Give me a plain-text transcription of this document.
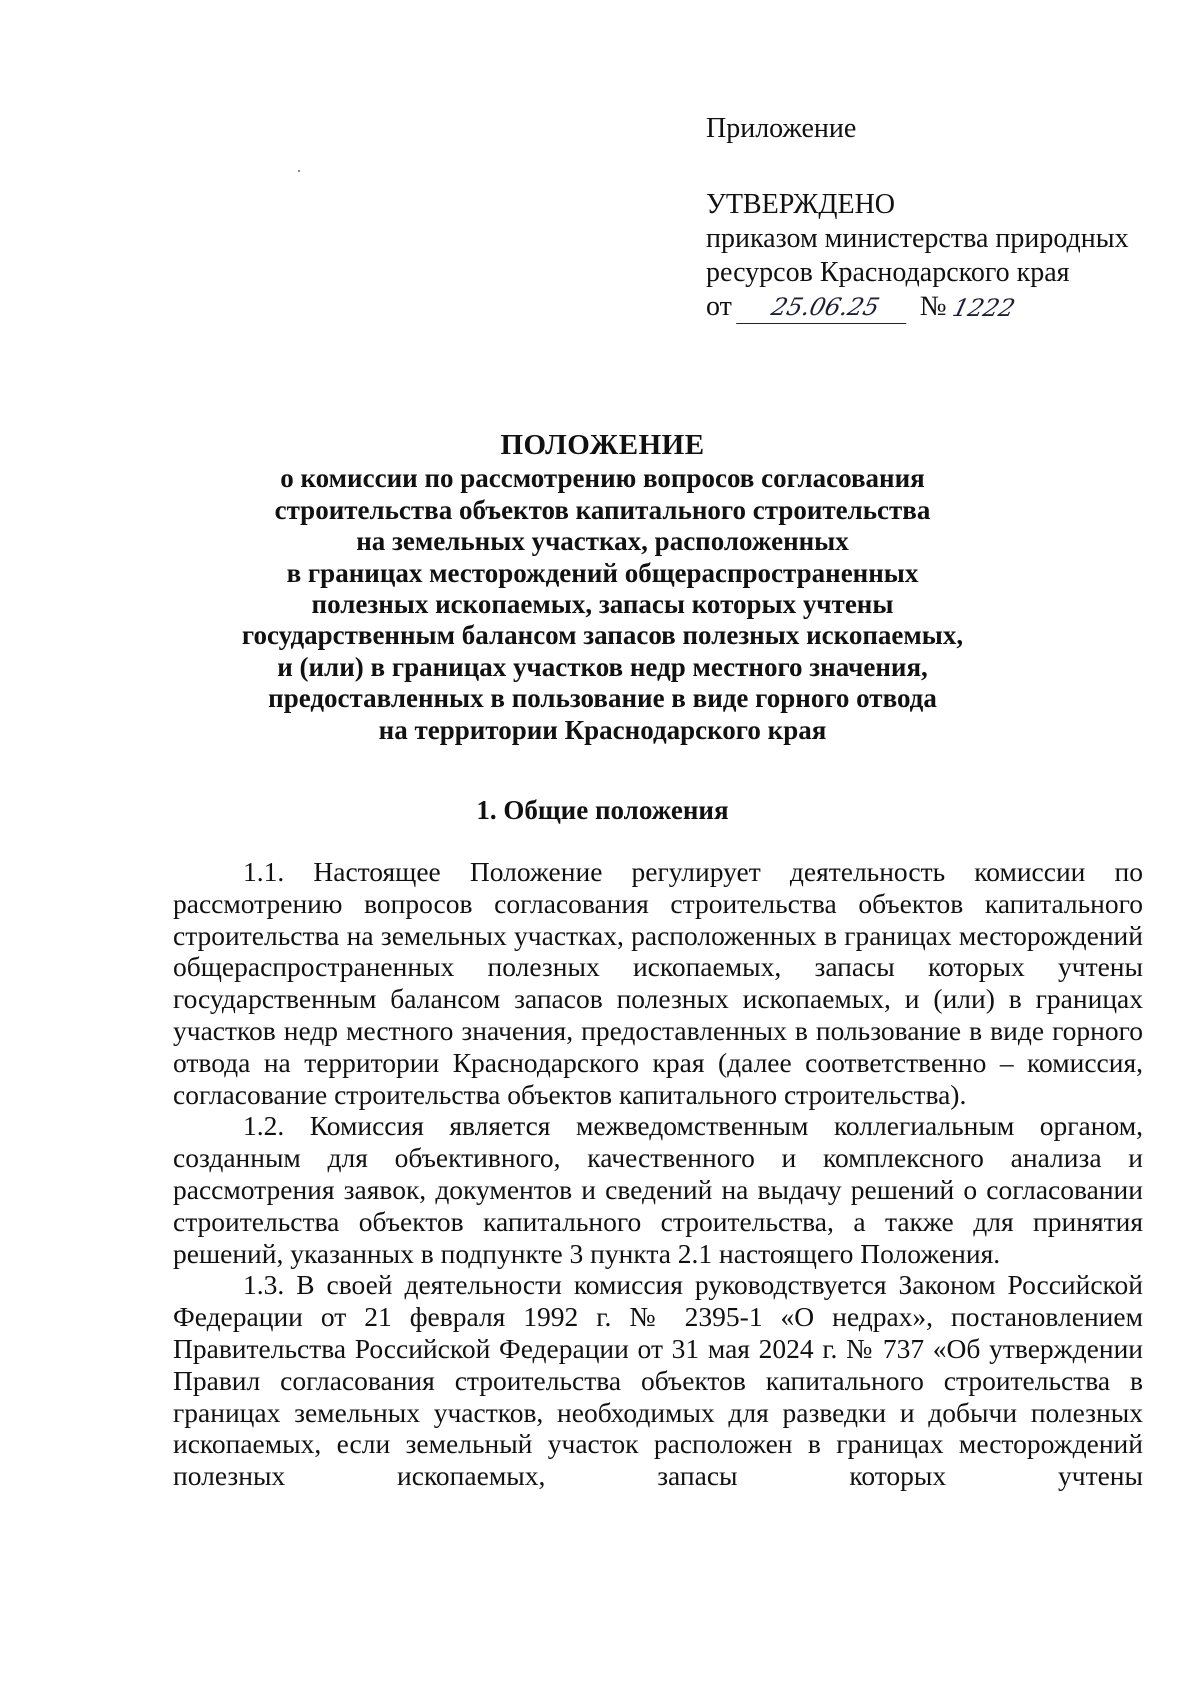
Приложение

УТВЕРЖДЕНО

приказом министерства природных

ресурсов Краснодарского края

от	25.06.25	№ 1222

ПОЛОЖЕНИЕ

о комиссии по рассмотрению вопросов согласования

строительства объектов капитального строительства

на земельных участках, расположенных

в границах месторождений общераспространенных

полезных ископаемых, запасы которых учтены

государственным балансом запасов полезных ископаемых,

и (или) в границах участков недр местного значения,

предоставленных в пользование в виде горного отвода

на территории Краснодарского края

1. Общие положения

1.1. Настоящее Положение регулирует деятельность комиссии по рассмотрению вопросов согласования строительства объектов капитального строительства на земельных участках, расположенных в границах месторождений общераспространенных полезных ископаемых, запасы которых учтены государственным балансом запасов полезных ископаемых, и (или) в границах участков недр местного значения, предоставленных в пользование в виде горного отвода на территории Краснодарского края (далее соответственно – комиссия, согласование строительства объектов капитального строительства).

1.2. Комиссия является межведомственным коллегиальным органом, созданным для объективного, качественного и комплексного анализа и рассмотрения заявок, документов и сведений на выдачу решений о согласовании строительства объектов капитального строительства, а также для принятия решений, указанных в подпункте 3 пункта 2.1 настоящего Положения.

1.3. В своей деятельности комиссия руководствуется Законом Российской Федерации от 21 февраля 1992 г. № 2395-1 «О недрах», постановлением Правительства Российской Федерации от 31 мая 2024 г. № 737 «Об утверждении Правил согласования строительства объектов капитального строительства в границах земельных участков, необходимых для разведки и добычи полезных ископаемых, если земельный участок расположен в границах месторождений полезных ископаемых, запасы которых учтены
